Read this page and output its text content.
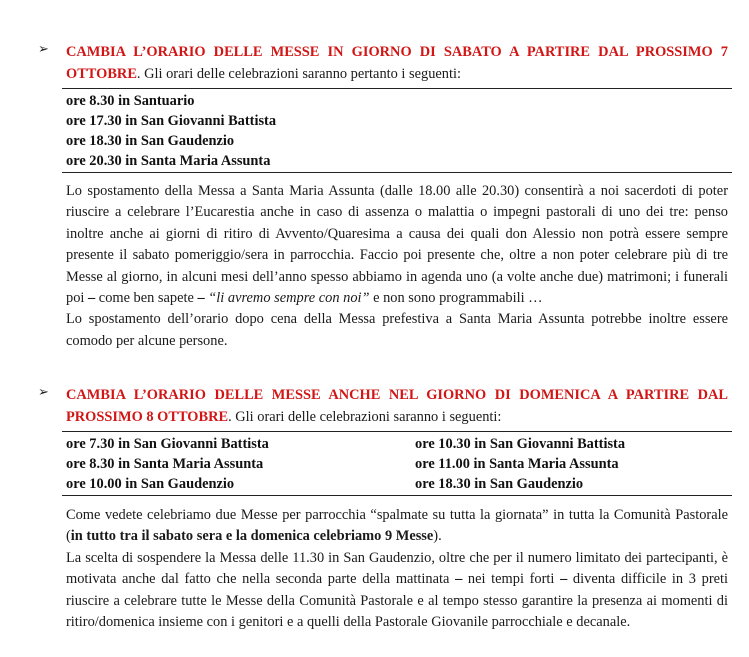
➢	CAMBIA L’ORARIO DELLE MESSE IN GIORNO DI SABATO A PARTIRE DAL PROSSIMO 7 OTTOBRE. Gli orari delle celebrazioni saranno pertanto i seguenti:
ore 8.30 in Santuario
ore 17.30 in San Giovanni Battista
ore 18.30 in San Gaudenzio
ore 20.30 in Santa Maria Assunta

Lo spostamento della Messa a Santa Maria Assunta (dalle 18.00 alle 20.30) consentirà a noi sacerdoti di poter riuscire a celebrare l’Eucarestia anche in caso di assenza o malattia o impegni pastorali di uno dei tre: penso inoltre anche ai giorni di ritiro di Avvento/Quaresima a causa dei quali don Alessio non potrà essere sempre presente il sabato pomeriggio/sera in parrocchia. Faccio poi presente che, oltre a non poter celebrare più di tre Messe al giorno, in alcuni mesi dell’anno spesso abbiamo in agenda uno (a volte anche due) matrimoni; i funerali poi – come ben sapete – “li avremo sempre con noi” e non sono programmabili …

Lo spostamento dell’orario dopo cena della Messa prefestiva a Santa Maria Assunta potrebbe inoltre essere comodo per alcune persone.

➢	CAMBIA L’ORARIO DELLE MESSE ANCHE NEL GIORNO DI DOMENICA A PARTIRE DAL PROSSIMO 8 OTTOBRE. Gli orari delle celebrazioni saranno i seguenti:
ore 7.30 in San Giovanni Battista
ore 8.30 in Santa Maria Assunta
ore 10.00 in San Gaudenzio
ore 10.30 in San Giovanni Battista
ore 11.00 in Santa Maria Assunta
ore 18.30 in San Gaudenzio

Come vedete celebriamo due Messe per parrocchia “spalmate su tutta la giornata” in tutta la Comunità Pastorale (in tutto tra il sabato sera e la domenica celebriamo 9 Messe).

La scelta di sospendere la Messa delle 11.30 in San Gaudenzio, oltre che per il numero limitato dei partecipanti, è motivata anche dal fatto che nella seconda parte della mattinata – nei tempi forti – diventa difficile in 3 preti riuscire a celebrare tutte le Messe della Comunità Pastorale e al tempo stesso garantire la presenza ai momenti di ritiro/domenica insieme con i genitori e a quelli della Pastorale Giovanile parrocchiale e decanale.
